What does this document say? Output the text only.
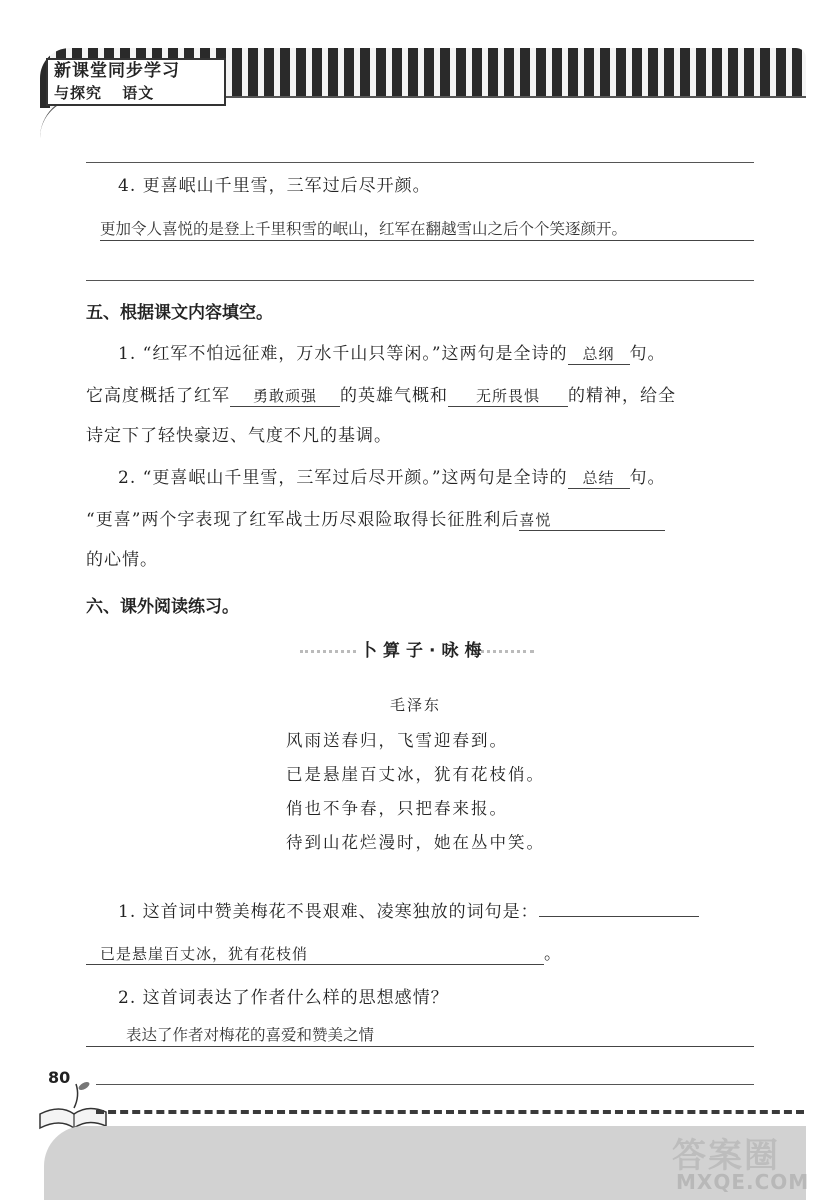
新课堂同步学习
与探究 语文
4. 更喜岷山千里雪，三军过后尽开颜。
更加令人喜悦的是登上千里积雪的岷山，红军在翻越雪山之后个个笑逐颜开。
五、根据课文内容填空。
1. “红军不怕远征难，万水千山只等闲。”这两句是全诗的 总纲 句。
它高度概括了红军 勇敢顽强 的英雄气概和 无所畏惧 的精神，给全
诗定下了轻快豪迈、气度不凡的基调。
2. “更喜岷山千里雪，三军过后尽开颜。”这两句是全诗的 总结 句。
“更喜”两个字表现了红军战士历尽艰险取得长征胜利后喜悦
的心情。
六、课外阅读练习。
卜算子·咏梅
毛泽东
风雨送春归，飞雪迎春到。
已是悬崖百丈冰，犹有花枝俏。
俏也不争春，只把春来报。
待到山花烂漫时，她在丛中笑。
1. 这首词中赞美梅花不畏艰难、凌寒独放的词句是：
已是悬崖百丈冰，犹有花枝俏	。
2. 这首词表达了作者什么样的思想感情？
表达了作者对梅花的喜爱和赞美之情
80
答案圈
MXQE.COM
